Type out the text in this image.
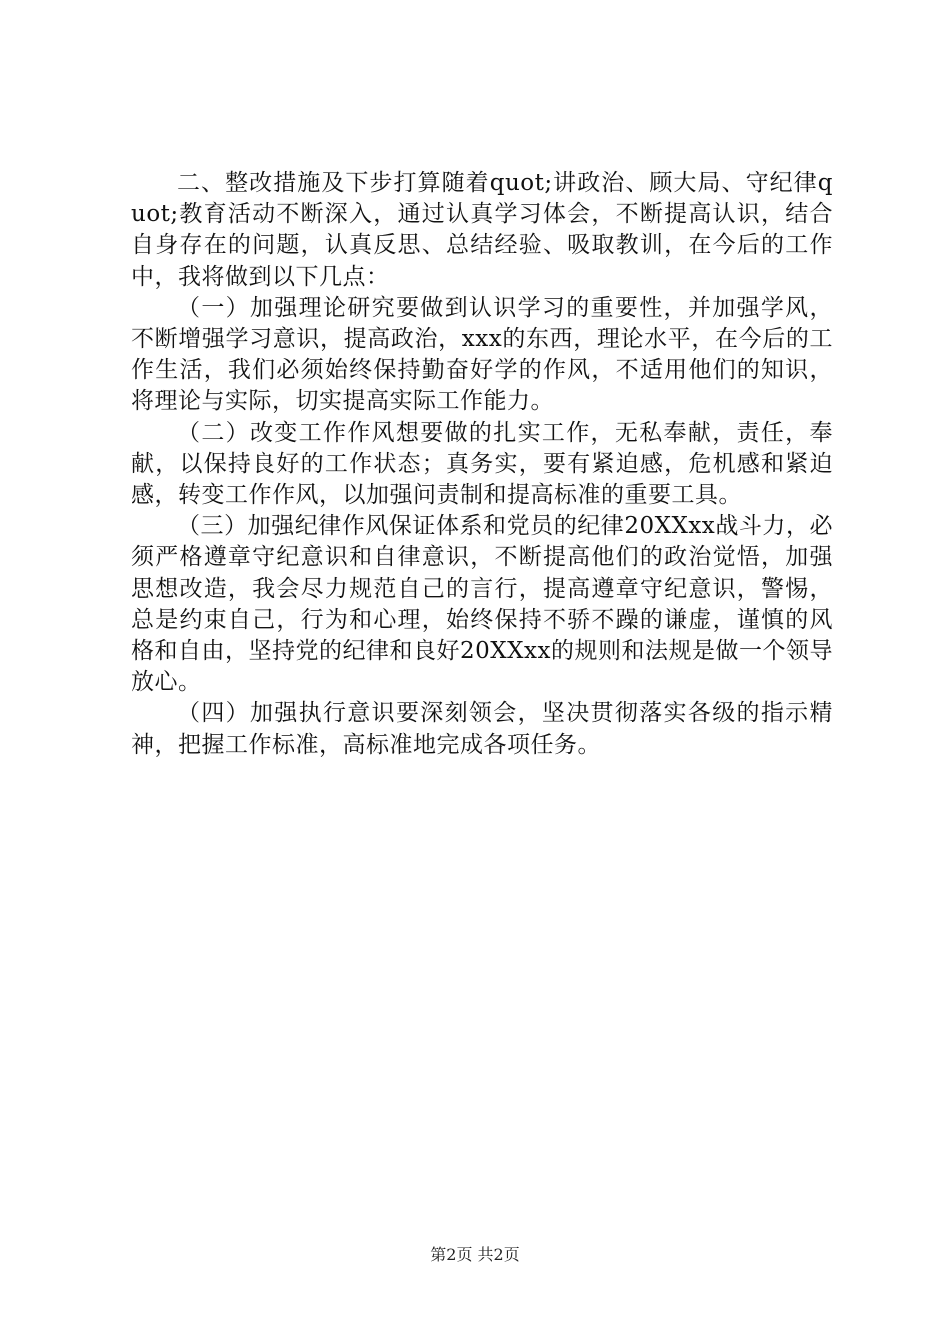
二、整改措施及下步打算随着quot;讲政治、顾大局、守纪律quot;教育活动不断深入，通过认真学习体会，不断提高认识，结合自身存在的问题，认真反思、总结经验、吸取教训，在今后的工作中，我将做到以下几点：

（一）加强理论研究要做到认识学习的重要性，并加强学风，不断增强学习意识，提高政治，xxx的东西，理论水平，在今后的工作生活，我们必须始终保持勤奋好学的作风，不适用他们的知识，将理论与实际，切实提高实际工作能力。

（二）改变工作作风想要做的扎实工作，无私奉献，责任，奉献，以保持良好的工作状态；真务实，要有紧迫感，危机感和紧迫感，转变工作作风，以加强问责制和提高标准的重要工具。

（三）加强纪律作风保证体系和党员的纪律20XXxx战斗力，必须严格遵章守纪意识和自律意识，不断提高他们的政治觉悟，加强思想改造，我会尽力规范自己的言行，提高遵章守纪意识，警惕，总是约束自己，行为和心理，始终保持不骄不躁的谦虚，谨慎的风格和自由，坚持党的纪律和良好20XXxx的规则和法规是做一个领导放心。

（四）加强执行意识要深刻领会，坚决贯彻落实各级的指示精神，把握工作标准，高标准地完成各项任务。

第2页 共2页
